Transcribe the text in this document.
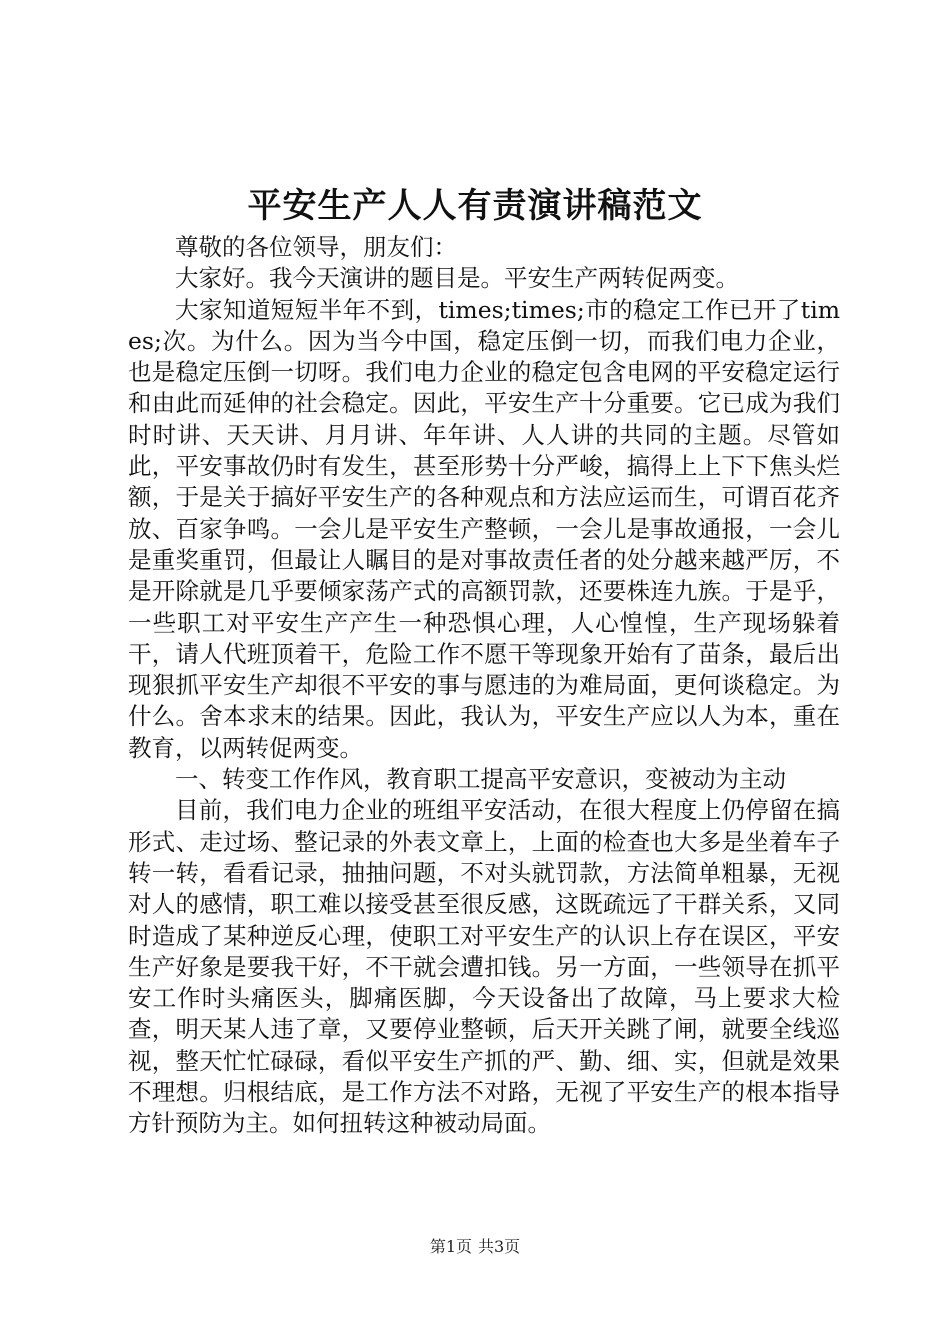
平安生产人人有责演讲稿范文

尊敬的各位领导，朋友们：

大家好。我今天演讲的题目是。平安生产两转促两变。

大家知道短短半年不到，times;times;市的稳定工作已开了times;次。为什么。因为当今中国，稳定压倒一切，而我们电力企业，也是稳定压倒一切呀。我们电力企业的稳定包含电网的平安稳定运行和由此而延伸的社会稳定。因此，平安生产十分重要。它已成为我们时时讲、天天讲、月月讲、年年讲、人人讲的共同的主题。尽管如此，平安事故仍时有发生，甚至形势十分严峻，搞得上上下下焦头烂额，于是关于搞好平安生产的各种观点和方法应运而生，可谓百花齐放、百家争鸣。一会儿是平安生产整顿，一会儿是事故通报，一会儿是重奖重罚，但最让人瞩目的是对事故责任者的处分越来越严厉，不是开除就是几乎要倾家荡产式的高额罚款，还要株连九族。于是乎，一些职工对平安生产产生一种恐惧心理，人心惶惶，生产现场躲着干，请人代班顶着干，危险工作不愿干等现象开始有了苗条，最后出现狠抓平安生产却很不平安的事与愿违的为难局面，更何谈稳定。为什么。舍本求末的结果。因此，我认为，平安生产应以人为本，重在教育，以两转促两变。

一、转变工作作风，教育职工提高平安意识，变被动为主动

目前，我们电力企业的班组平安活动，在很大程度上仍停留在搞形式、走过场、整记录的外表文章上，上面的检查也大多是坐着车子转一转，看看记录，抽抽问题，不对头就罚款，方法简单粗暴，无视对人的感情，职工难以接受甚至很反感，这既疏远了干群关系，又同时造成了某种逆反心理，使职工对平安生产的认识上存在误区，平安生产好象是要我干好，不干就会遭扣钱。另一方面，一些领导在抓平安工作时头痛医头，脚痛医脚，今天设备出了故障，马上要求大检查，明天某人违了章，又要停业整顿，后天开关跳了闸，就要全线巡视，整天忙忙碌碌，看似平安生产抓的严、勤、细、实，但就是效果不理想。归根结底，是工作方法不对路，无视了平安生产的根本指导方针预防为主。如何扭转这种被动局面。

第1页 共3页
